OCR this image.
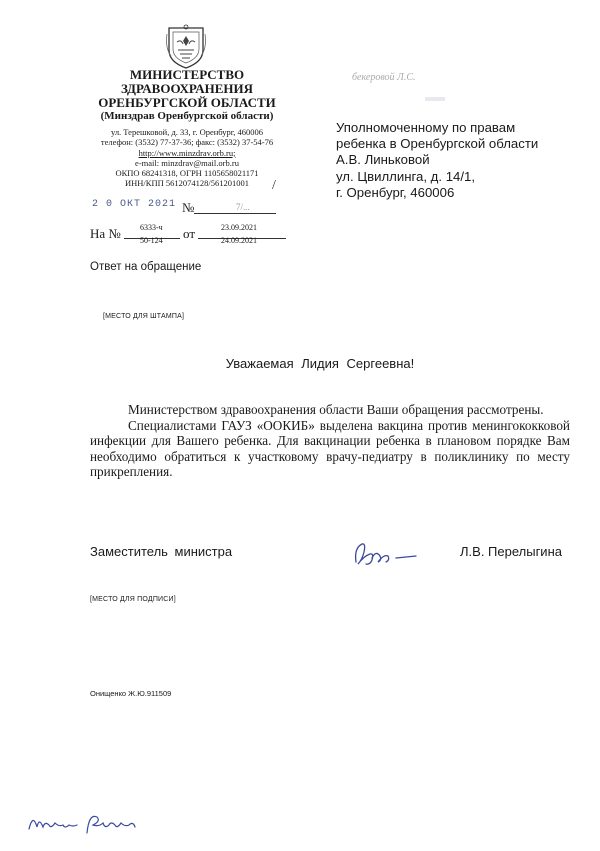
МИНИСТЕРСТВО
ЗДРАВООХРАНЕНИЯ
ОРЕНБУРГСКОЙ ОБЛАСТИ
(Минздрав Оренбургской области)
ул. Терешковой, д. 33, г. Оренбург, 460006
телефон: (3532) 77-37-36; факс: (3532) 37-54-76
http://www.minzdrav.orb.ru;
e-mail: minzdrav@mail.orb.ru
ОКПО 68241318, ОГРН 1105658021171
ИНН/КПП 5612074128/561201001	/
бекеровой Л.С.
Уполномоченному по правам
ребенка в Оренбургской области
А.В. Линьковой
ул. Цвиллинга, д. 14/1,
г. Оренбург, 460006
2 0 ОКТ 2021 №	7/...
На № 6333-ч
50-124 от	23.09.2021
24.09.2021
Ответ на обращение
[МЕСТО ДЛЯ ШТАМПА]
Уважаемая Лидия Сергеевна!

Министерством здравоохранения области Ваши обращения рассмотрены.

Специалистами ГАУЗ «ООКИБ» выделена вакцина против менингококковой инфекции для Вашего ребенка. Для вакцинации ребенка в плановом порядке Вам необходимо обратиться к участковому врачу-педиатру в поликлинику по месту прикрепления.

Заместитель министра	Л.В. Перелыгина
[МЕСТО ДЛЯ ПОДПИСИ]
Онищенко Ж.Ю.911509
